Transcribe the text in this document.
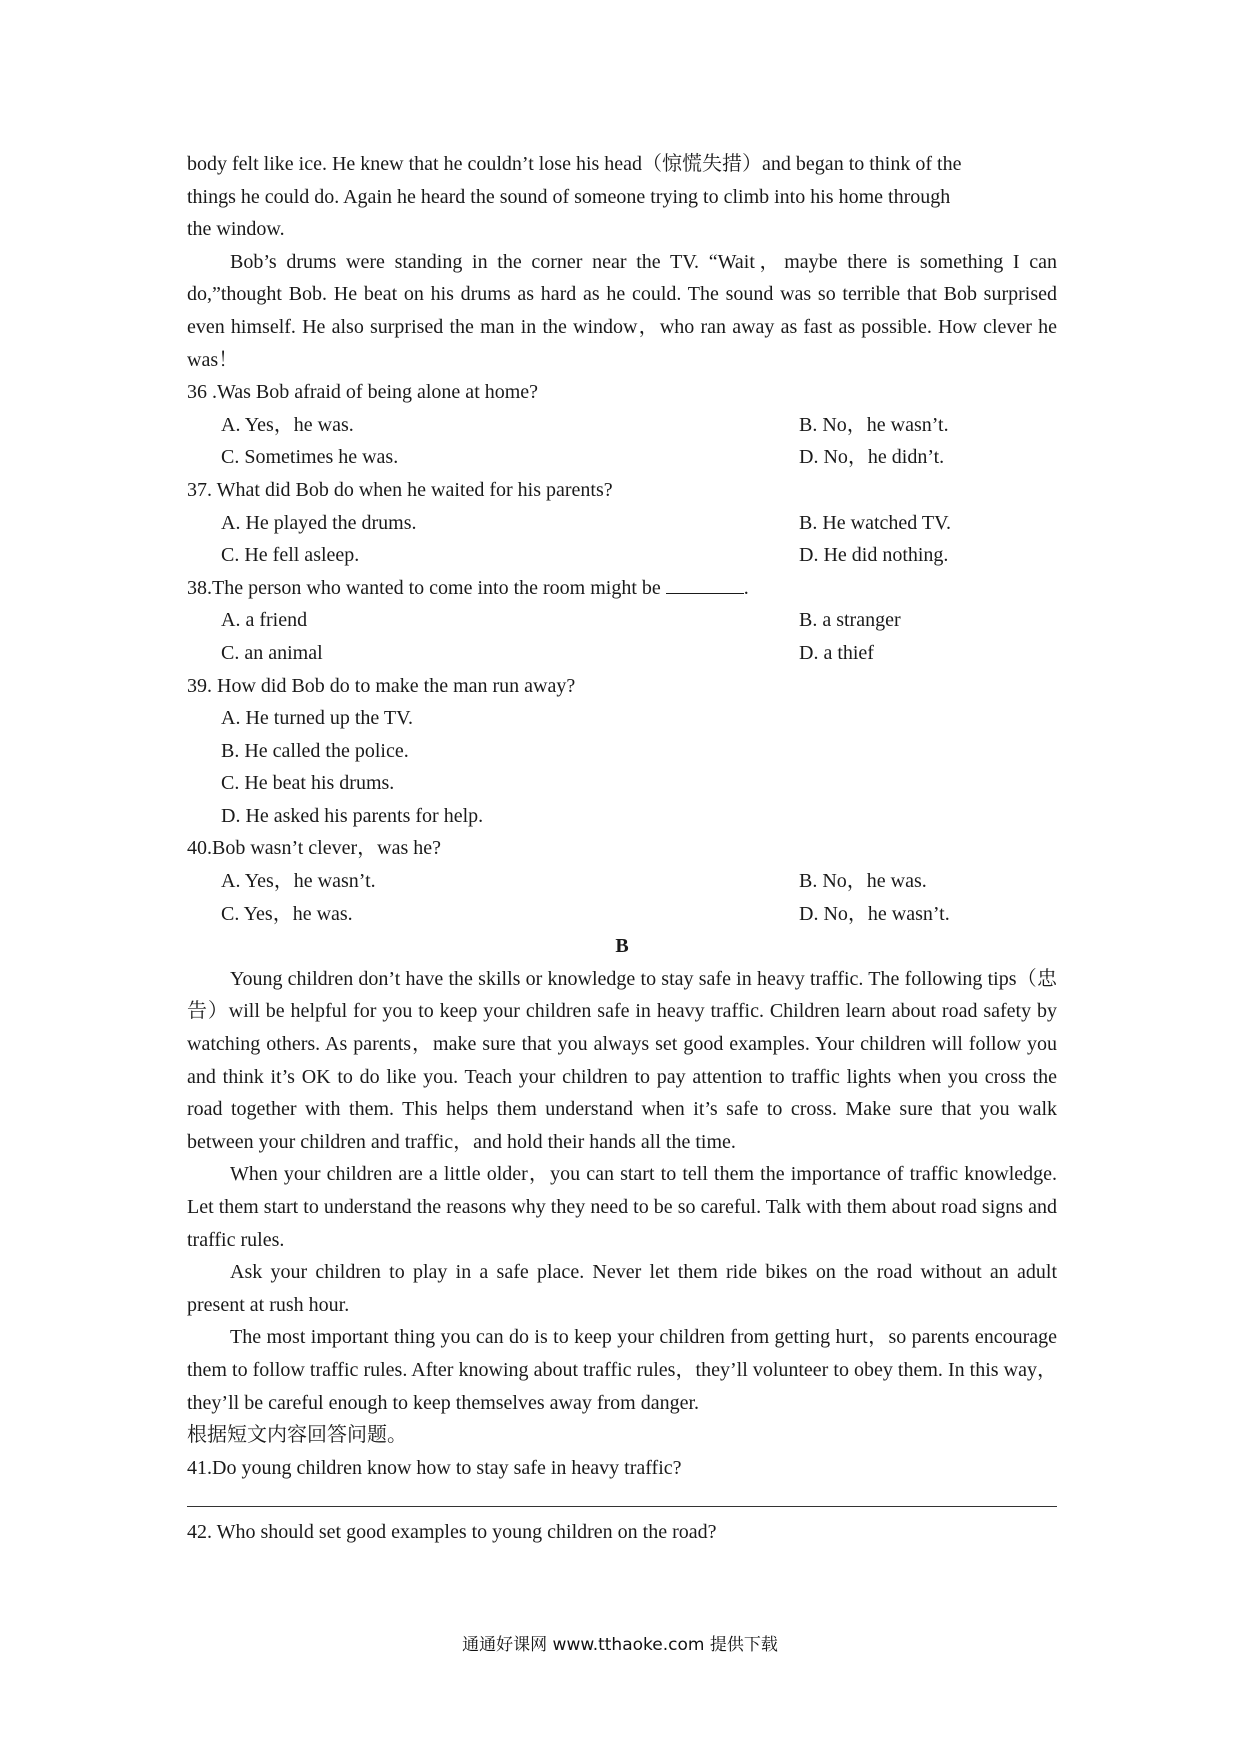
body felt like ice. He knew that he couldn’t lose his head（惊慌失措）and began to think of the
things he could do. Again he heard the sound of someone trying to climb into his home through
the window.
Bob’s drums were standing in the corner near the TV. “Wait，maybe there is something I can do,”thought Bob. He beat on his drums as hard as he could. The sound was so terrible that Bob surprised even himself. He also surprised the man in the window，who ran away as fast as possible. How clever he was！
36 .Was Bob afraid of being alone at home?
A. Yes，he was.	B. No，he wasn’t.
C. Sometimes he was.	D. No，he didn’t.
37. What did Bob do when he waited for his parents?
A. He played the drums.	B. He watched TV.
C. He fell asleep.	D. He did nothing.
38.The person who wanted to come into the room might be	.
A. a friend	B. a stranger
C. an animal	D. a thief
39. How did Bob do to make the man run away?
A. He turned up the TV.
B. He called the police.
C. He beat his drums.
D. He asked his parents for help.
40.Bob wasn’t clever，was he?
A. Yes，he wasn’t.	B. No，he was.
C. Yes，he was.	D. No，he wasn’t.
B
Young children don’t have the skills or knowledge to stay safe in heavy traffic. The following tips（忠告）will be helpful for you to keep your children safe in heavy traffic. Children learn about road safety by watching others. As parents，make sure that you always set good examples. Your children will follow you and think it’s OK to do like you. Teach your children to pay attention to traffic lights when you cross the road together with them. This helps them understand when it’s safe to cross. Make sure that you walk between your children and traffic，and hold their hands all the time.
When your children are a little older，you can start to tell them the importance of traffic knowledge. Let them start to understand the reasons why they need to be so careful. Talk with them about road signs and traffic rules.
Ask your children to play in a safe place. Never let them ride bikes on the road without an adult present at rush hour.
The most important thing you can do is to keep your children from getting hurt，so parents encourage them to follow traffic rules. After knowing about traffic rules，they’ll volunteer to obey them. In this way，they’ll be careful enough to keep themselves away from danger.
根据短文内容回答问题。
41.Do young children know how to stay safe in heavy traffic?
42. Who should set good examples to young children on the road?
通通好课网 www.tthaoke.com 提供下载
